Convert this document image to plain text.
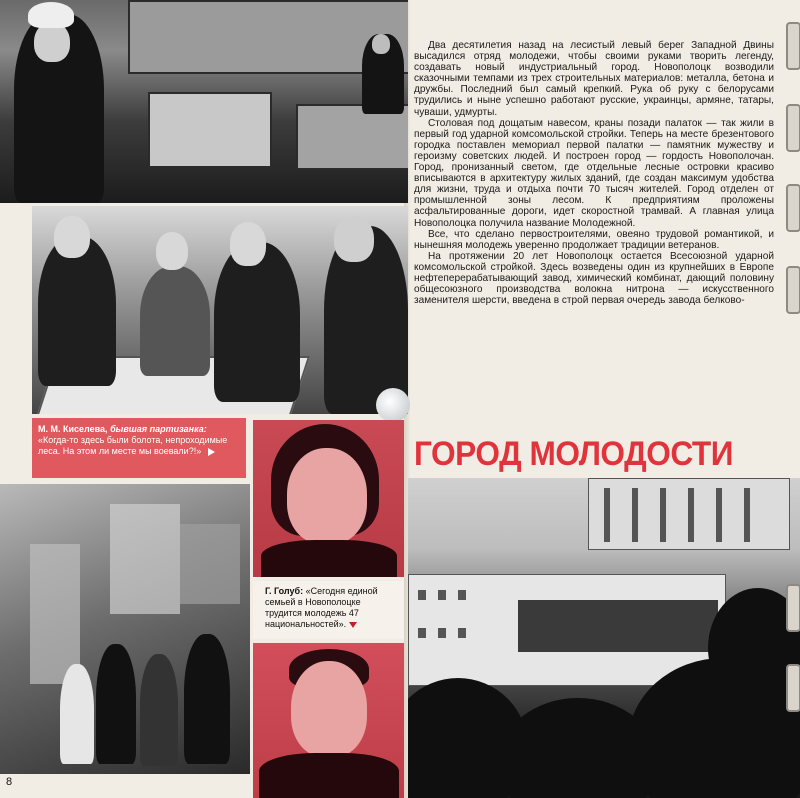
М. М. Киселева, бывшая партизанка: «Когда-то здесь были болота, непроходимые леса. На этом ли месте мы воевали?!»
Г. Голуб: «Сегодня единой семьей в Новополоцке трудится молодежь 47 национальностей».

Два десятилетия назад на лесистый левый берег Западной Двины высадился отряд молодежи, чтобы своими руками творить легенду, создавать новый индустриальный город. Новополоцк возводили сказочными темпами из трех строительных материалов: металла, бетона и дружбы. Последний был самый крепкий. Рука об руку с белорусами трудились и ныне успешно работают русские, украинцы, армяне, татары, чуваши, удмурты.

Столовая под дощатым навесом, краны позади палаток — так жили в первый год ударной комсомольской стройки. Теперь на месте брезентового городка поставлен мемориал первой палатки — памятник мужеству и героизму советских людей. И построен город — гордость Новополочан. Город, пронизанный светом, где отдельные лесные островки красиво вписываются в архитектуру жилых зданий, где создан максимум удобства для жизни, труда и отдыха почти 70 тысяч жителей. Город отделен от промышленной зоны лесом. К предприятиям проложены асфальтированные дороги, идет скоростной трамвай. А главная улица Новополоцка получила название Молодежной.

Все, что сделано первостроителями, овеяно трудовой романтикой, и нынешняя молодежь уверенно продолжает традиции ветеранов.

На протяжении 20 лет Новополоцк остается Всесоюзной ударной комсомольской стройкой. Здесь возведены один из крупнейших в Европе нефтеперерабатывающий завод, химический комбинат, дающий половину общесоюзного производства волокна нитрона — искусственного заменителя шерсти, введена в строй первая очередь завода белково-

ГОРОД МОЛОДОСТИ
8
